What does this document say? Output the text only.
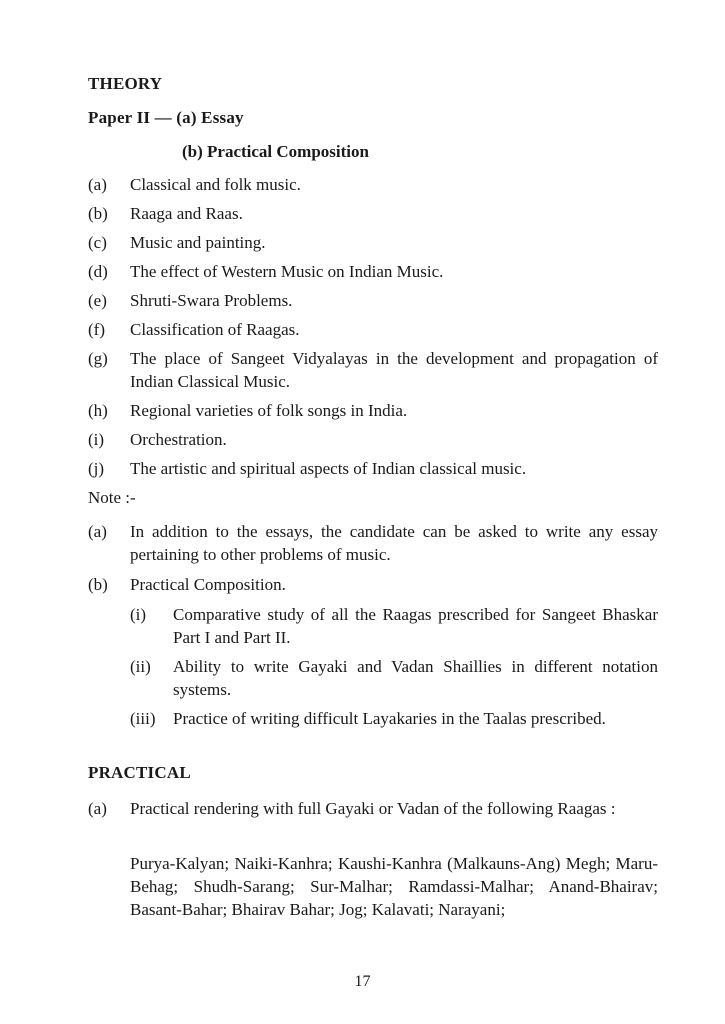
THEORY
Paper II — (a) Essay
(b) Practical Composition
(a)	Classical and folk music.
(b)	Raaga and Raas.
(c)	Music and painting.
(d)	The effect of Western Music on Indian Music.
(e)	Shruti-Swara Problems.
(f)	Classification of Raagas.
(g)	The place of Sangeet Vidyalayas in the development and propagation of Indian Classical Music.
(h)	Regional varieties of folk songs in India.
(i)	Orchestration.
(j)	The artistic and spiritual aspects of Indian classical music.
Note :-
(a)	In addition to the essays, the candidate can be asked to write any essay pertaining to other problems of music.
(b)	Practical Composition.
(i)	Comparative study of all the Raagas prescribed for Sangeet Bhaskar Part I and Part II.
(ii)	Ability to write Gayaki and Vadan Shaillies in different notation systems.
(iii)	Practice of writing difficult Layakaries in the Taalas prescribed.
PRACTICAL
(a)	Practical rendering with full Gayaki or Vadan of the following Raagas :
Purya-Kalyan; Naiki-Kanhra; Kaushi-Kanhra (Malkauns-Ang) Megh; Maru-Behag; Shudh-Sarang; Sur-Malhar; Ramdassi-Malhar; Anand-Bhairav; Basant-Bahar; Bhairav Bahar; Jog; Kalavati; Narayani;
17
